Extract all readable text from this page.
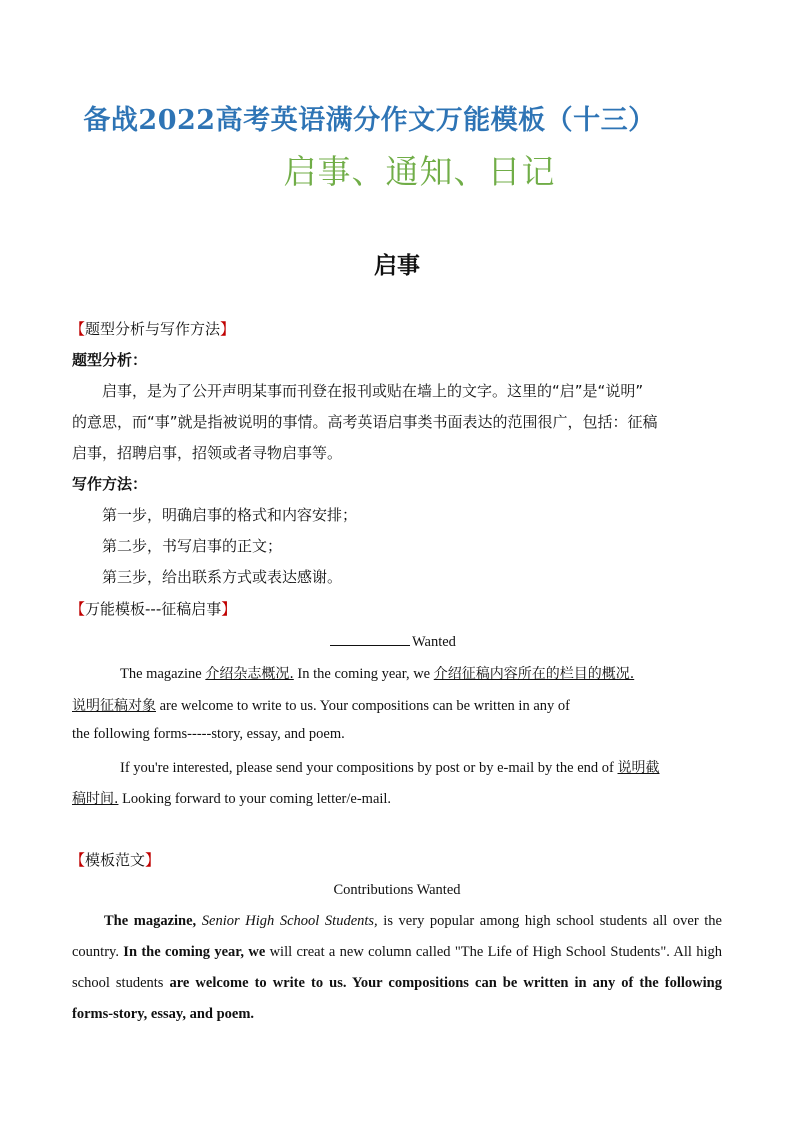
备战2022高考英语满分作文万能模板（十三）
启事、通知、日记
启事
【题型分析与写作方法】
题型分析：
启事，是为了公开声明某事而刊登在报刊或贴在墙上的文字。这里的“启”是“说明”
的意思，而“事”就是指被说明的事情。高考英语启事类书面表达的范围很广，包括：征稿
启事，招聘启事，招领或者寻物启事等。
写作方法：
第一步，明确启事的格式和内容安排；
第二步，书写启事的正文；
第三步，给出联系方式或表达感谢。
【万能模板---征稿启事】
Wanted
The magazine 介绍杂志概况. In the coming year, we 介绍征稿内容所在的栏目的概况.
说明征稿对象 are welcome to write to us. Your compositions can be written in any of
the following forms-----story, essay, and poem.
If you're interested, please send your compositions by post or by e-mail by the end of 说明截
稿时间. Looking forward to your coming letter/e-mail.
【模板范文】
Contributions Wanted
The magazine, Senior High School Students, is very popular among high school students all over the country. In the coming year, we will creat a new column called "The Life of High School Students". All high school students are welcome to write to us. Your compositions can be written in any of the following forms-story, essay, and poem.
